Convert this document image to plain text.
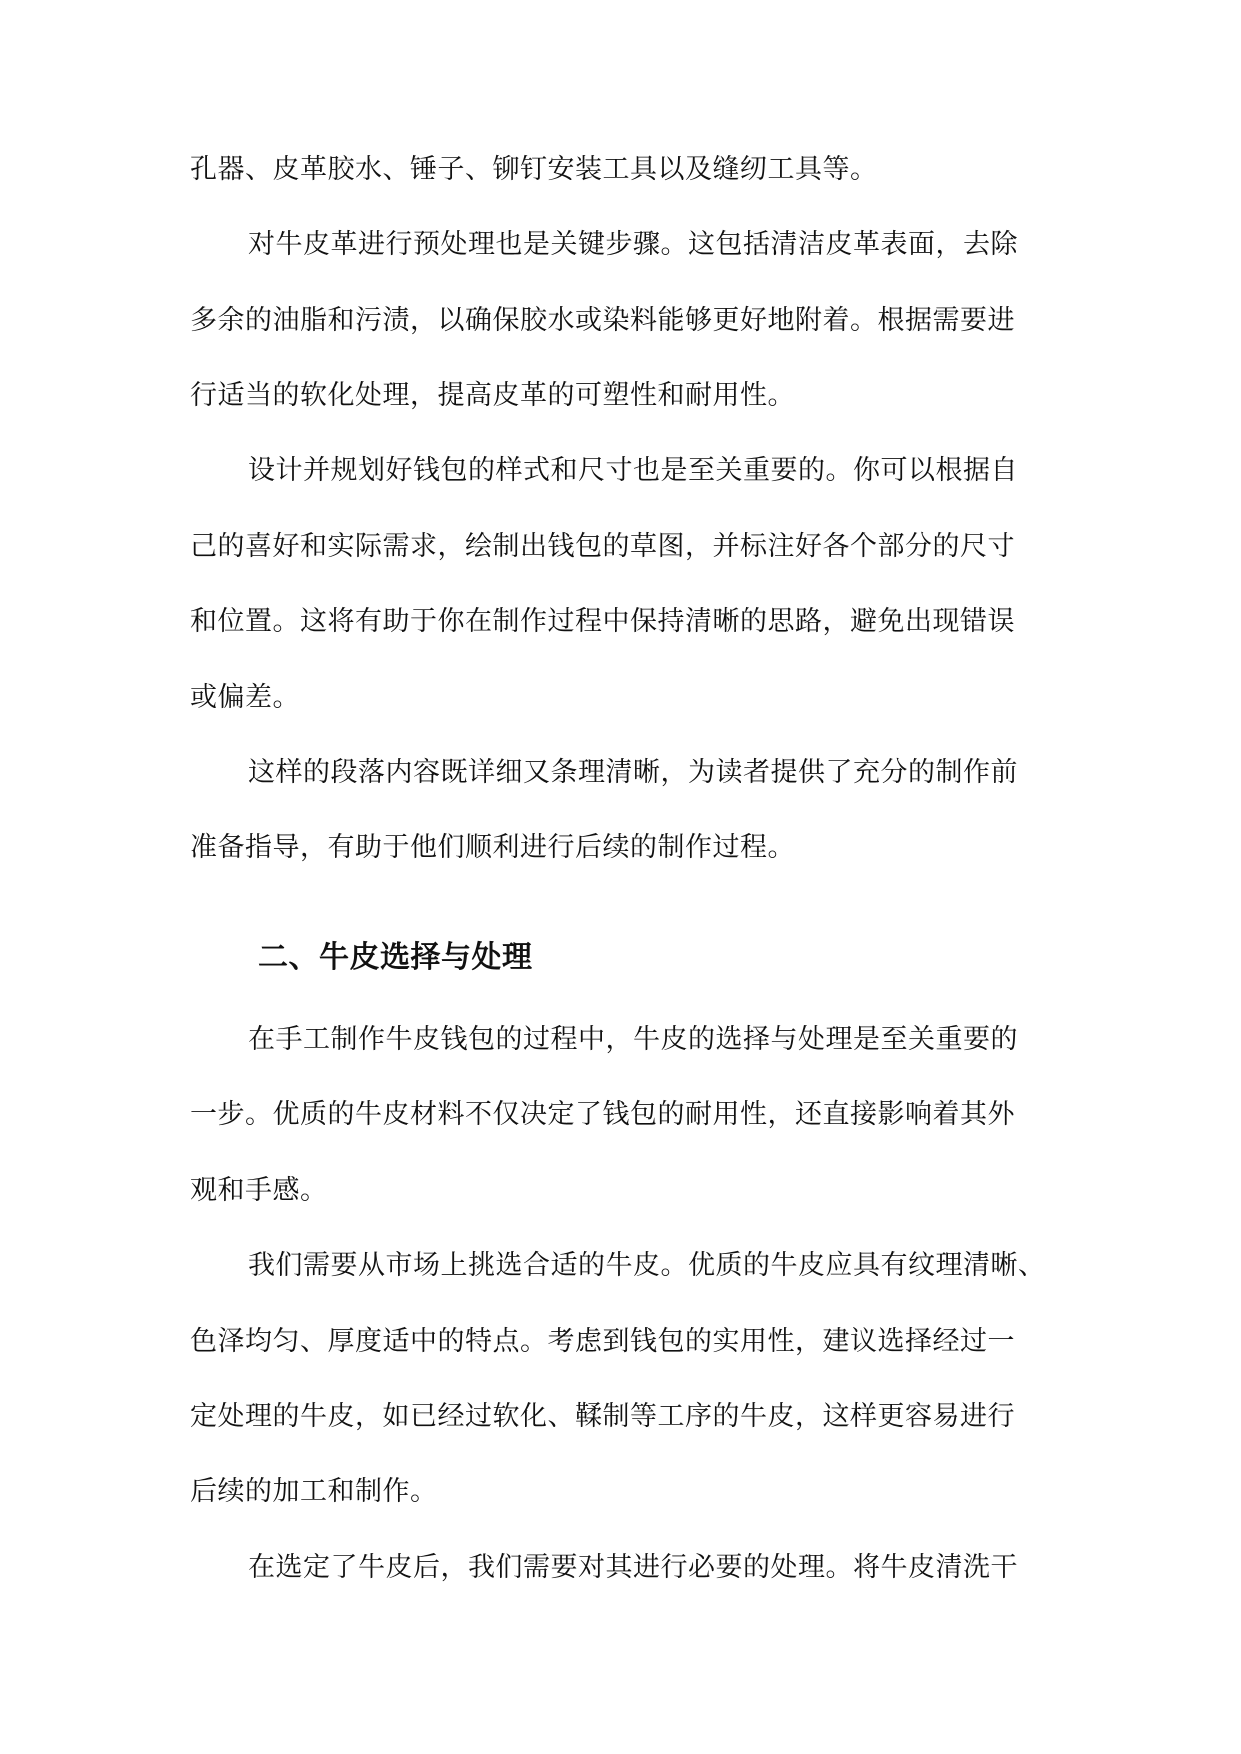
孔器、皮革胶水、锤子、铆钉安装工具以及缝纫工具等。
对牛皮革进行预处理也是关键步骤。这包括清洁皮革表面，去除
多余的油脂和污渍，以确保胶水或染料能够更好地附着。根据需要进
行适当的软化处理，提高皮革的可塑性和耐用性。
设计并规划好钱包的样式和尺寸也是至关重要的。你可以根据自
己的喜好和实际需求，绘制出钱包的草图，并标注好各个部分的尺寸
和位置。这将有助于你在制作过程中保持清晰的思路，避免出现错误
或偏差。
这样的段落内容既详细又条理清晰，为读者提供了充分的制作前
准备指导，有助于他们顺利进行后续的制作过程。
二、牛皮选择与处理
在手工制作牛皮钱包的过程中，牛皮的选择与处理是至关重要的
一步。优质的牛皮材料不仅决定了钱包的耐用性，还直接影响着其外
观和手感。
我们需要从市场上挑选合适的牛皮。优质的牛皮应具有纹理清晰、
色泽均匀、厚度适中的特点。考虑到钱包的实用性，建议选择经过一
定处理的牛皮，如已经过软化、鞣制等工序的牛皮，这样更容易进行
后续的加工和制作。
在选定了牛皮后，我们需要对其进行必要的处理。将牛皮清洗干
